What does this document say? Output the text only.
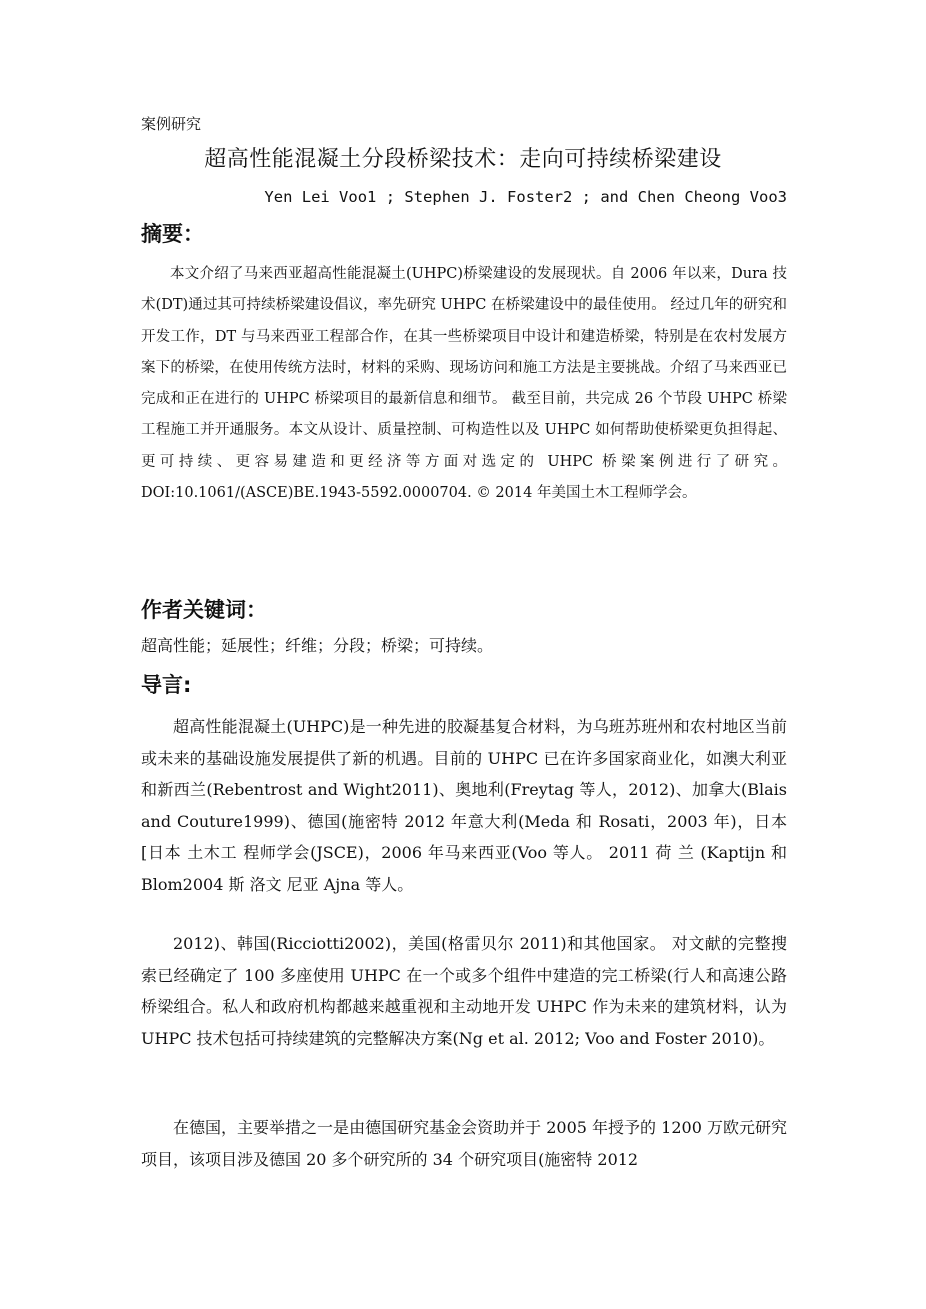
案例研究
超高性能混凝土分段桥梁技术：走向可持续桥梁建设
Yen Lei Voo1 ; Stephen J. Foster2 ; and Chen Cheong Voo3
摘要：

本文介绍了马来西亚超高性能混凝土(UHPC)桥梁建设的发展现状。自 2006 年以来，Dura 技术(DT)通过其可持续桥梁建设倡议，率先研究 UHPC 在桥梁建设中的最佳使用。 经过几年的研究和开发工作，DT 与马来西亚工程部合作，在其一些桥梁项目中设计和建造桥梁，特别是在农村发展方案下的桥梁，在使用传统方法时，材料的采购、现场访问和施工方法是主要挑战。介绍了马来西亚已完成和正在进行的 UHPC 桥梁项目的最新信息和细节。 截至目前，共完成 26 个节段 UHPC 桥梁工程施工并开通服务。本文从设计、质量控制、可构造性以及 UHPC 如何帮助使桥梁更负担得起、更可持续、更容易建造和更经济等方面对选定的 UHPC 桥梁案例进行了研究。DOI:10.1061/(ASCE)BE.1943-5592.0000704. © 2014 年美国土木工程师学会。

作者关键词：

超高性能；延展性；纤维；分段；桥梁；可持续。

导言:

超高性能混凝土(UHPC)是一种先进的胶凝基复合材料，为乌班苏班州和农村地区当前或未来的基础设施发展提供了新的机遇。目前的 UHPC 已在许多国家商业化，如澳大利亚和新西兰(Rebentrost and Wight2011)、奥地利(Freytag 等人，2012)、加拿大(Blais and Couture1999)、德国(施密特 2012 年意大利(Meda 和 Rosati，2003 年)，日本[日本 土木工 程师学会(JSCE)，2006 年马来西亚(Voo 等人。 2011 荷 兰 (Kaptijn 和 Blom2004 斯 洛文 尼亚 Ajna 等人。

2012)、韩国(Ricciotti2002)，美国(格雷贝尔 2011)和其他国家。 对文献的完整搜索已经确定了 100 多座使用 UHPC 在一个或多个组件中建造的完工桥梁(行人和高速公路桥梁组合。私人和政府机构都越来越重视和主动地开发 UHPC 作为未来的建筑材料，认为 UHPC 技术包括可持续建筑的完整解决方案(Ng et al. 2012; Voo and Foster 2010)。

在德国，主要举措之一是由德国研究基金会资助并于 2005 年授予的 1200 万欧元研究项目，该项目涉及德国 20 多个研究所的 34 个研究项目(施密特 2012
